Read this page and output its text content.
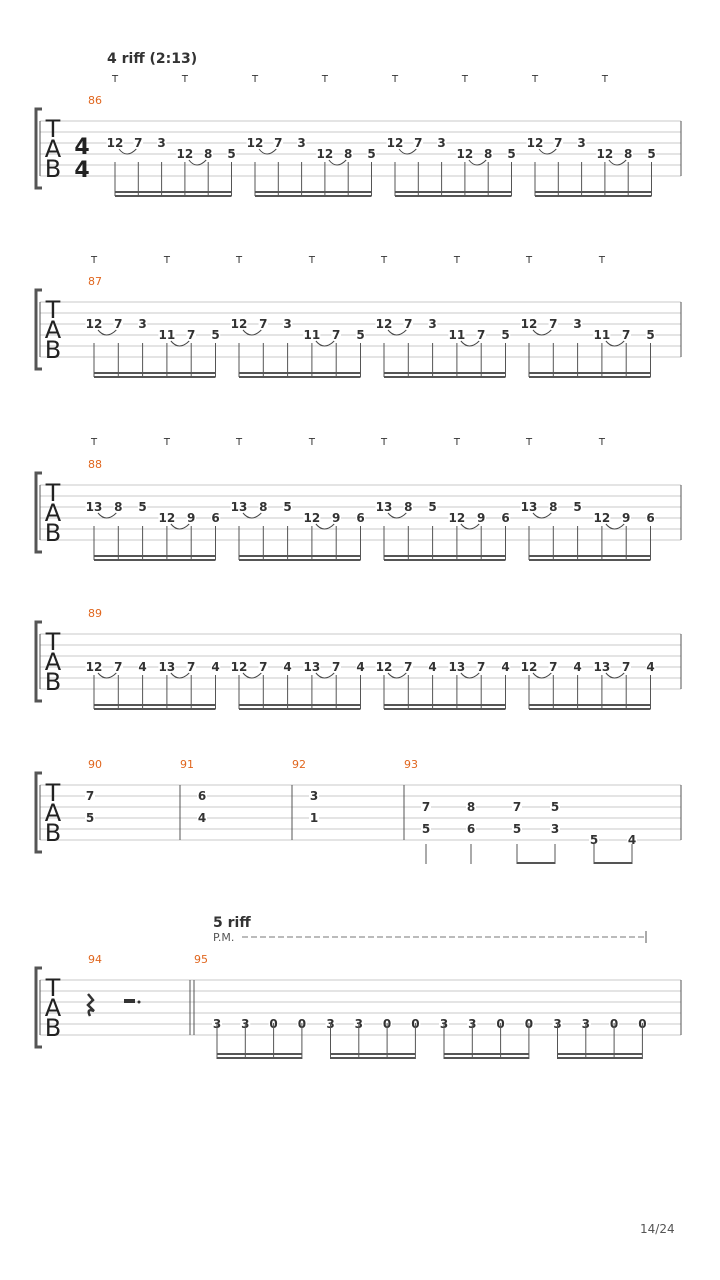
T
A
B
4
4
4 riff (2:13)
86
12 7 3
12 8 5
12 7 3
12 8 5
12 7 3
12 8 5
12 7 3
12 8 5
T	T	T	T	T	T	T	T
T
A
B
87
12 7 3
11 7 5
12 7 3
11 7 5
12 7 3
11 7 5
12 7 3
11 7 5
T	T	T	T	T	T	T	T
T
A
B
88
13 8 5
12 9 6
13 8 5
12 9 6
13 8 5
12 9 6
13 8 5
12 9 6
T	T	T	T	T	T	T	T
T
A
B
89
12 7 4 13 7 4 12 7 4 13 7 4 12 7 4 13 7 4 12 7 4 13 7 4
T
A
B
90	91	92	93
7
5
6
4
3
1
7
5
8
6
7
5
5
3
5 4
T
A
B
5 riff
94	95
3 3 0 0 3 3 0 0 3 3 0 0 3 3 0 0
P.M.
14/24
